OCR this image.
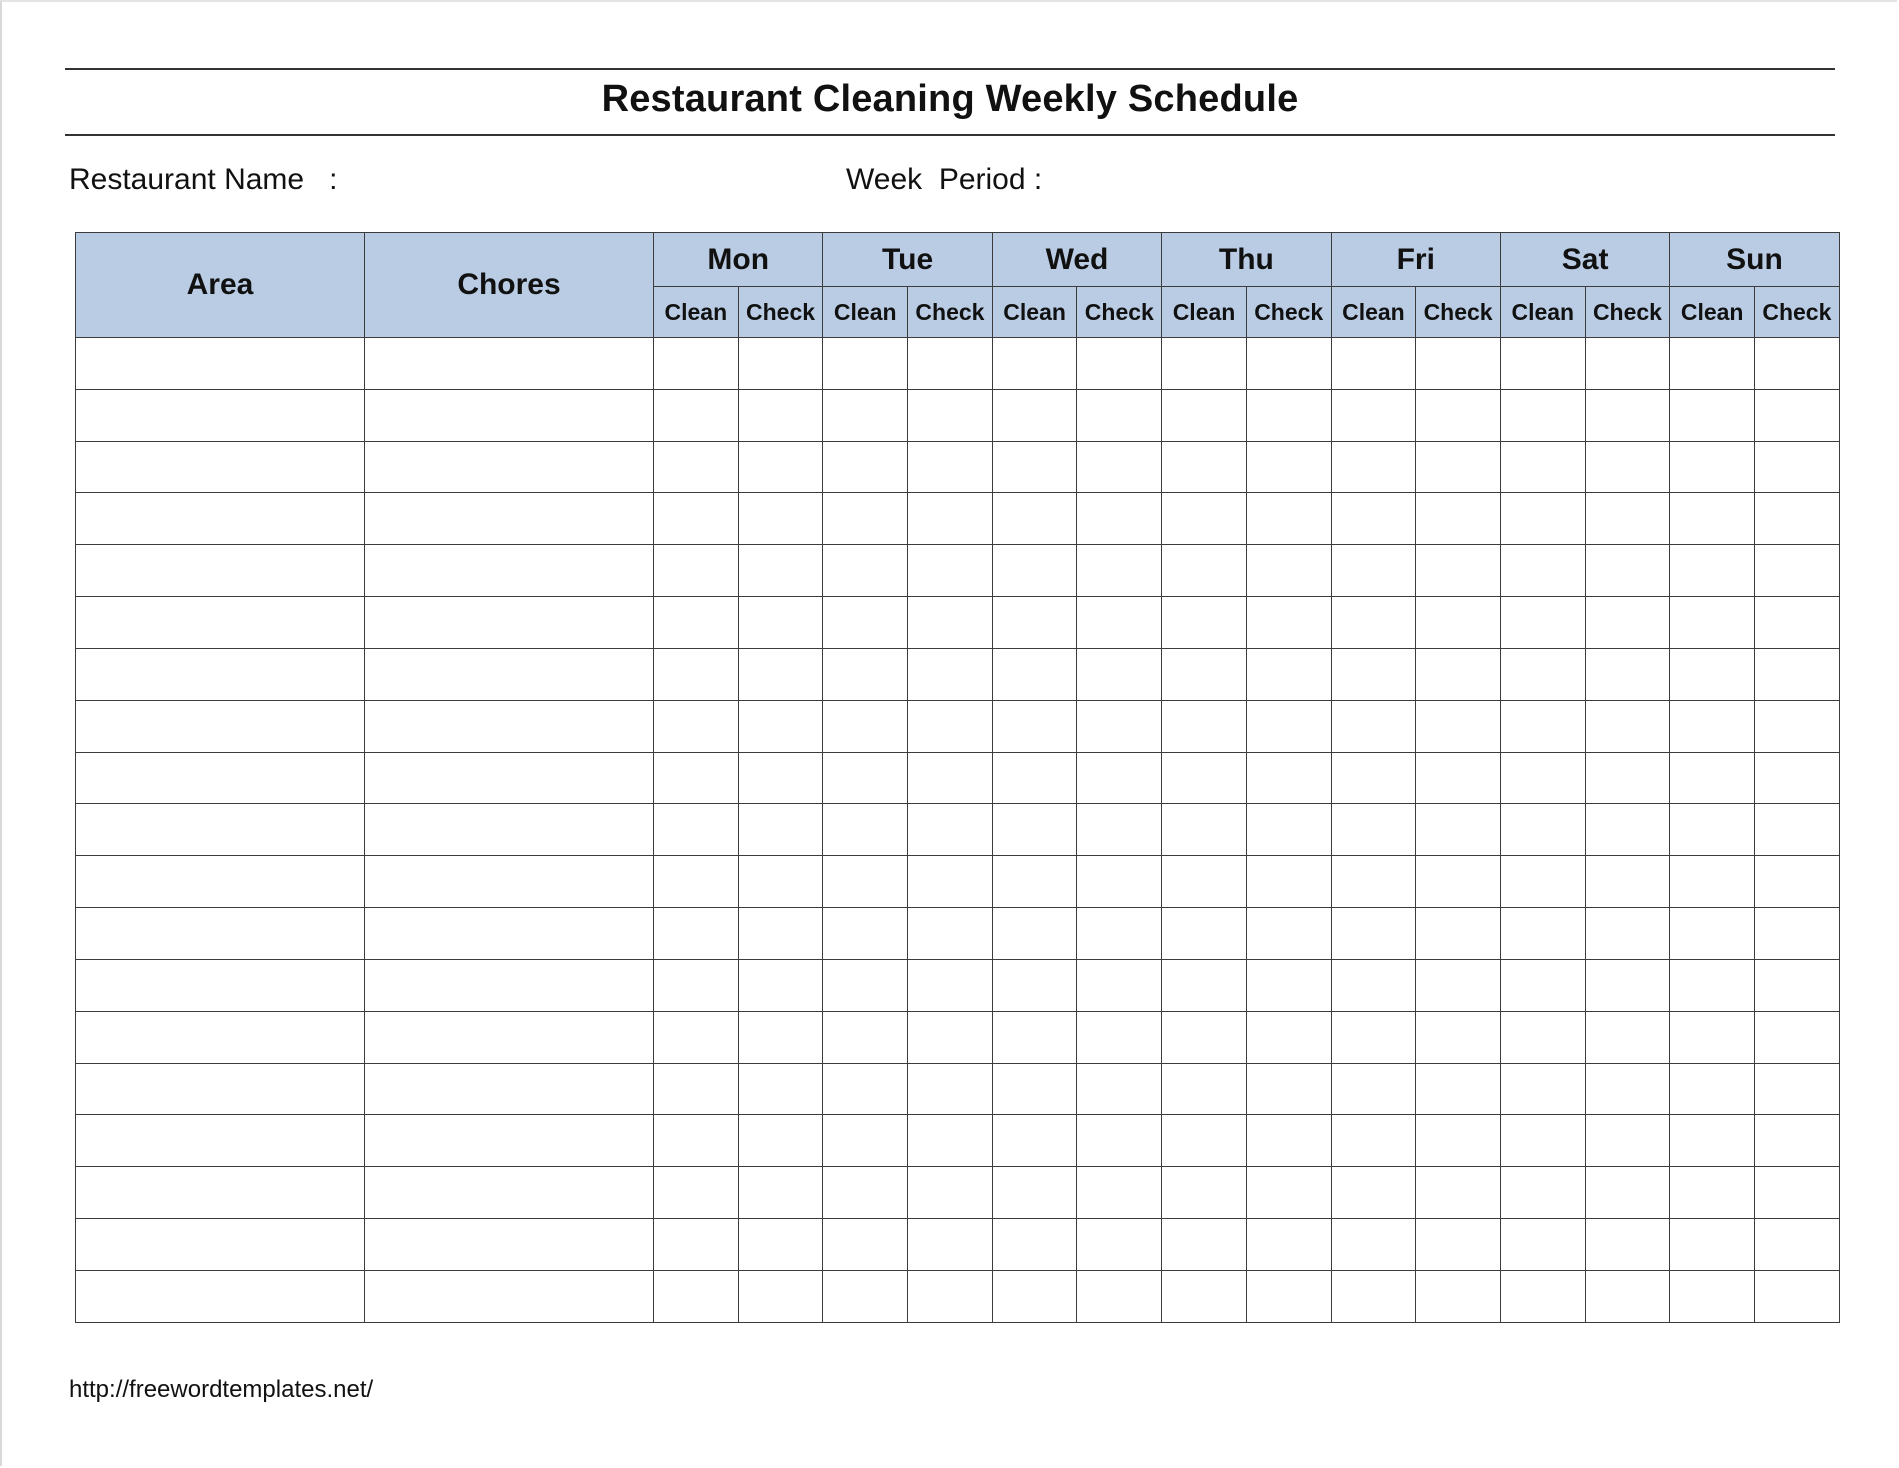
Restaurant Cleaning Weekly Schedule
Restaurant Name   :	Week  Period :
Area	Chores	Mon		Tue		Wed		Thu		Fri		Sat		Sun	
		Clean	Check	Clean	Check	Clean	Check	Clean	Check	Clean	Check	Clean	Check	Clean	Check

http://freewordtemplates.net/
